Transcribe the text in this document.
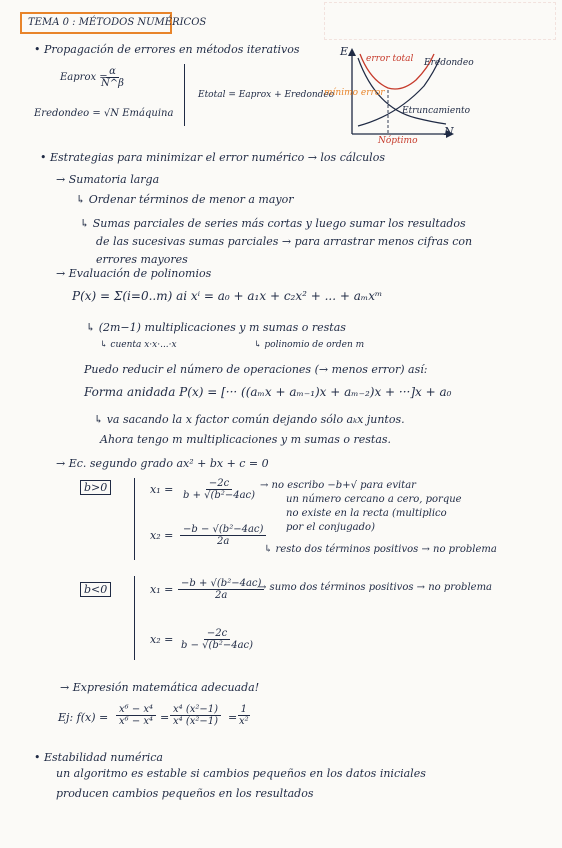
TEMA 0 : MÉTODOS NUMÉRICOS
• Propagación de errores en métodos iterativos
Eaprox =
$\frac{\alpha}{N\^{}\beta}$
Eredondeo = √N Emáquina
Etotal = Eaprox + Eredondeo
E
error total Eredondeo
mínimo error
Etruncamiento
Nóptimo
N
• Estrategias para minimizar el error numérico → los cálculos
→ Sumatoria larga
↳ Ordenar términos de menor a mayor
↳ Sumas parciales de series más cortas y luego sumar los resultados
de las sucesivas sumas parciales → para arrastrar menos cifras con
errores mayores
→ Evaluación de polinomios
P(x) = Σ(i=0..m) ai xⁱ = a₀ + a₁x + c₂x² + ... + aₘxᵐ
↳ (2m−1) multiplicaciones y m sumas o restas
↳ cuenta x·x·...·x	↳ polinomio de orden m
Puedo reducir el número de operaciones (→ menos error) así:
Forma anidada P(x) = [··· ((aₘx + aₘ₋₁)x + aₘ₋₂)x + ···]x + a₀
↳ va sacando la x factor común dejando sólo aₖx juntos.
Ahora tengo m multiplicaciones y m sumas o restas.
→ Ec. segundo grado ax² + bx + c = 0
b>0	$x_1 = \frac{-2c}{\text{b + √(b²−4ac)}}$ → no escribo −b+√ para evitar
un número cercano a cero, porque
no existe en la recta (multiplico
por el conjugado)
$x_2 = \frac{\text{−b − √(b²−4ac)}}{2a}$
↳ resto dos términos positivos → no problema
b<0	$x_1 = \frac{\text{−b + √(b²−4ac)}}{2a}$
→ sumo dos términos positivos → no problema
$x_2 = \frac{-2c}{\text{b − √(b²−4ac)}}$
→ Expresión matemática adecuada!
Ej: $f(x) = \frac{\text{x⁶ − x⁴}}{\text{x⁶ − x⁴}} = \frac{\text{x⁴ (x²−1)}}{\text{x⁴ (x²−1)}}$ =
$\frac{1}{\text{x²}}$
• Estabilidad numérica
un algoritmo es estable si cambios pequeños en los datos iniciales
producen cambios pequeños en los resultados
